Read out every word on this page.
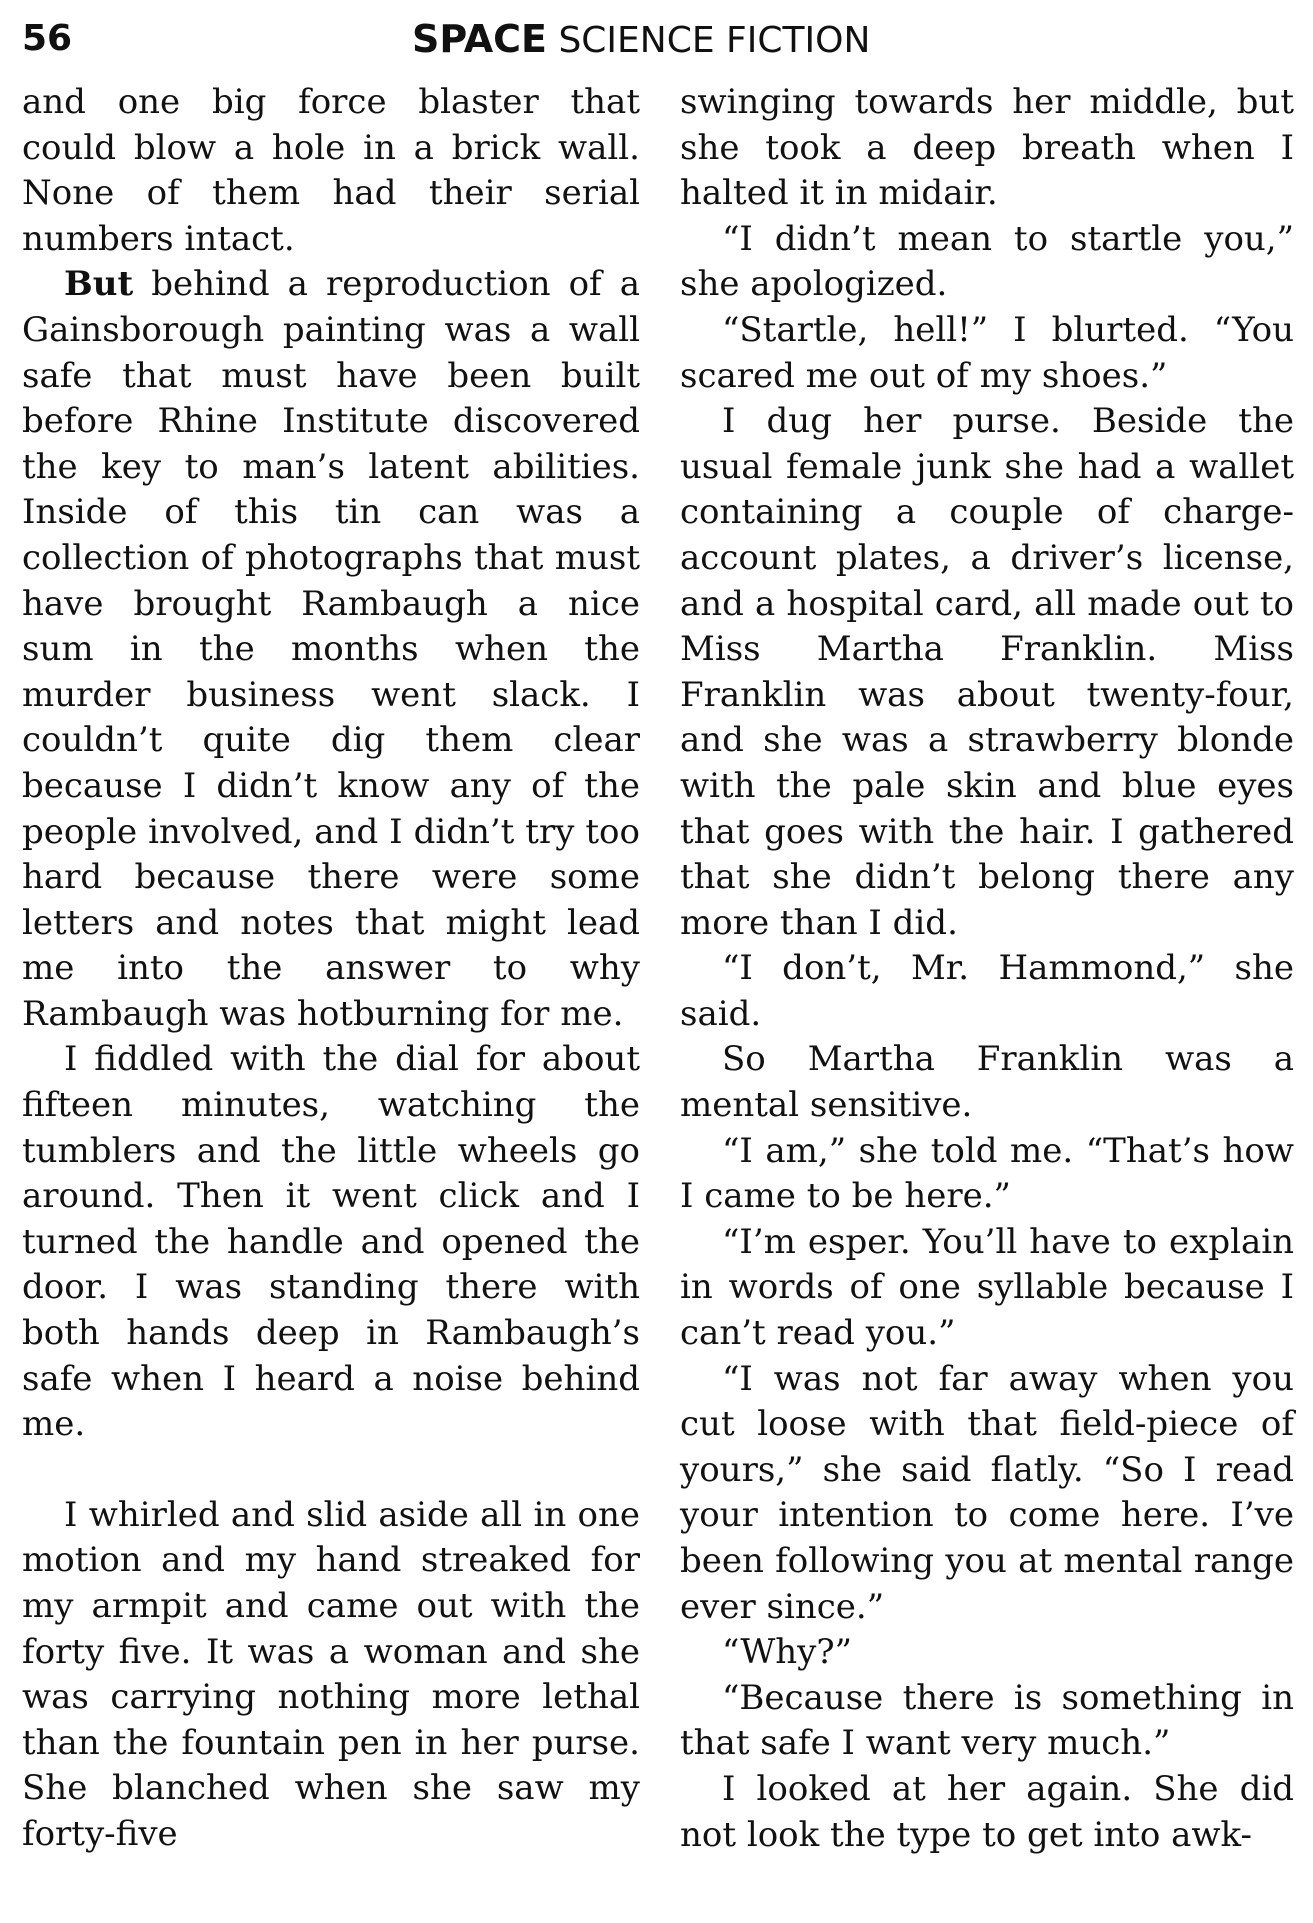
56	SPACE SCIENCE FICTION

and one big force blaster that could blow a hole in a brick wall. None of them had their serial numbers intact.

But behind a reproduction of a Gainsborough painting was a wall safe that must have been built before Rhine Institute discovered the key to man’s latent abilities. Inside of this tin can was a collection of photographs that must have brought Rambaugh a nice sum in the months when the murder business went slack. I couldn’t quite dig them clear because I didn’t know any of the people involved, and I didn’t try too hard because there were some letters and notes that might lead me into the answer to why Rambaugh was hotburning for me.

I fiddled with the dial for about fifteen minutes, watching the tumblers and the little wheels go around. Then it went click and I turned the handle and opened the door. I was standing there with both hands deep in Rambaugh’s safe when I heard a noise behind me.

I whirled and slid aside all in one motion and my hand streaked for my armpit and came out with the forty five. It was a woman and she was carrying nothing more lethal than the fountain pen in her purse. She blanched when she saw my forty-five

swinging towards her middle, but she took a deep breath when I halted it in midair.

“I didn’t mean to startle you,” she apologized.

“Startle, hell!” I blurted. “You scared me out of my shoes.”

I dug her purse. Beside the usual female junk she had a wallet containing a couple of charge-account plates, a driver’s license, and a hospital card, all made out to Miss Martha Franklin. Miss Franklin was about twenty-four, and she was a strawberry blonde with the pale skin and blue eyes that goes with the hair. I gathered that she didn’t belong there any more than I did.

“I don’t, Mr. Hammond,” she said.

So Martha Franklin was a mental sensitive.

“I am,” she told me. “That’s how I came to be here.”

“I’m esper. You’ll have to explain in words of one syllable because I can’t read you.”

“I was not far away when you cut loose with that field-piece of yours,” she said flatly. “So I read your intention to come here. I’ve been following you at mental range ever since.”

“Why?”

“Because there is something in that safe I want very much.”

I looked at her again. She did not look the type to get into awk-
